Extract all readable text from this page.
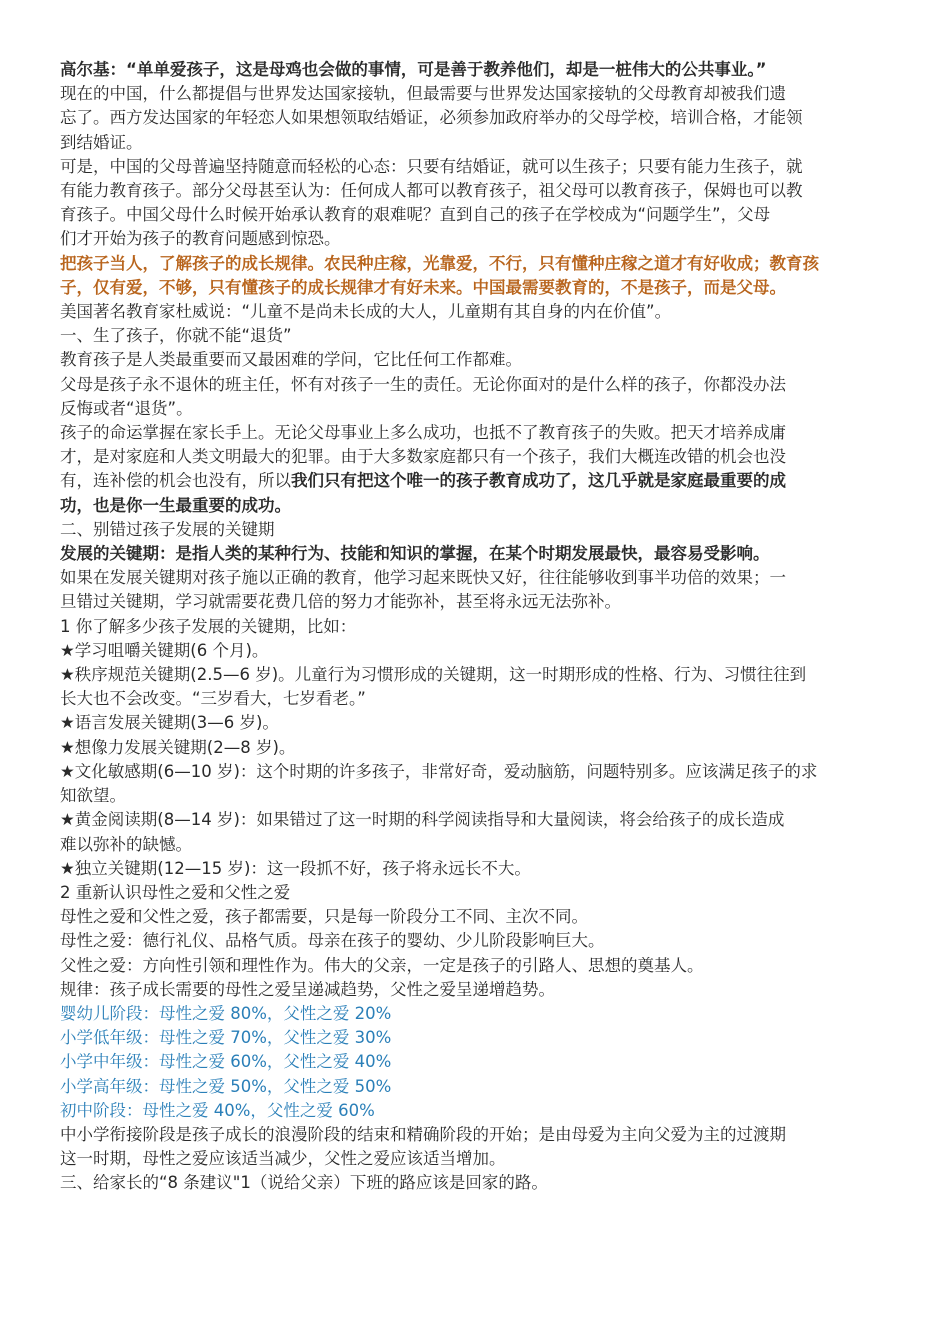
高尔基：“单单爱孩子，这是母鸡也会做的事情，可是善于教养他们，却是一桩伟大的公共事业。”
现在的中国，什么都提倡与世界发达国家接轨，但最需要与世界发达国家接轨的父母教育却被我们遗
忘了。西方发达国家的年轻恋人如果想领取结婚证，必须参加政府举办的父母学校，培训合格，才能领
到结婚证。
可是，中国的父母普遍坚持随意而轻松的心态：只要有结婚证，就可以生孩子；只要有能力生孩子，就
有能力教育孩子。部分父母甚至认为：任何成人都可以教育孩子，祖父母可以教育孩子，保姆也可以教
育孩子。中国父母什么时候开始承认教育的艰难呢？直到自己的孩子在学校成为“问题学生”，父母
们才开始为孩子的教育问题感到惊恐。
把孩子当人，了解孩子的成长规律。农民种庄稼，光靠爱，不行，只有懂种庄稼之道才有好收成；教育孩
子，仅有爱，不够，只有懂孩子的成长规律才有好未来。中国最需要教育的，不是孩子，而是父母。
美国著名教育家杜威说：“儿童不是尚未长成的大人，儿童期有其自身的内在价值”。
一、生了孩子，你就不能“退货”
教育孩子是人类最重要而又最困难的学问，它比任何工作都难。
父母是孩子永不退休的班主任，怀有对孩子一生的责任。无论你面对的是什么样的孩子，你都没办法
反悔或者“退货”。
孩子的命运掌握在家长手上。无论父母事业上多么成功，也抵不了教育孩子的失败。把天才培养成庸
才，是对家庭和人类文明最大的犯罪。由于大多数家庭都只有一个孩子，我们大概连改错的机会也没
有，连补偿的机会也没有，所以我们只有把这个唯一的孩子教育成功了，这几乎就是家庭最重要的成
功，也是你一生最重要的成功。
二、别错过孩子发展的关键期
发展的关键期：是指人类的某种行为、技能和知识的掌握，在某个时期发展最快，最容易受影响。
如果在发展关键期对孩子施以正确的教育，他学习起来既快又好，往往能够收到事半功倍的效果；一
旦错过关键期，学习就需要花费几倍的努力才能弥补，甚至将永远无法弥补。
1 你了解多少孩子发展的关键期，比如：
★学习咀嚼关键期(6 个月)。
★秩序规范关键期(2.5—6 岁)。儿童行为习惯形成的关键期，这一时期形成的性格、行为、习惯往往到
长大也不会改变。“三岁看大，七岁看老。”
★语言发展关键期(3—6 岁)。
★想像力发展关键期(2—8 岁)。
★文化敏感期(6—10 岁)：这个时期的许多孩子，非常好奇，爱动脑筋，问题特别多。应该满足孩子的求
知欲望。
★黄金阅读期(8—14 岁)：如果错过了这一时期的科学阅读指导和大量阅读，将会给孩子的成长造成
难以弥补的缺憾。
★独立关键期(12—15 岁)：这一段抓不好，孩子将永远长不大。
2 重新认识母性之爱和父性之爱
母性之爱和父性之爱，孩子都需要，只是每一阶段分工不同、主次不同。
母性之爱：德行礼仪、品格气质。母亲在孩子的婴幼、少儿阶段影响巨大。
父性之爱：方向性引领和理性作为。伟大的父亲，一定是孩子的引路人、思想的奠基人。
规律：孩子成长需要的母性之爱呈递减趋势，父性之爱呈递增趋势。
婴幼儿阶段：母性之爱 80%，父性之爱 20%
小学低年级：母性之爱 70%，父性之爱 30%
小学中年级：母性之爱 60%，父性之爱 40%
小学高年级：母性之爱 50%，父性之爱 50%
初中阶段：母性之爱 40%，父性之爱 60%
中小学衔接阶段是孩子成长的浪漫阶段的结束和精确阶段的开始；是由母爱为主向父爱为主的过渡期
这一时期，母性之爱应该适当减少，父性之爱应该适当增加。
三、给家长的“8 条建议"1（说给父亲）下班的路应该是回家的路。
